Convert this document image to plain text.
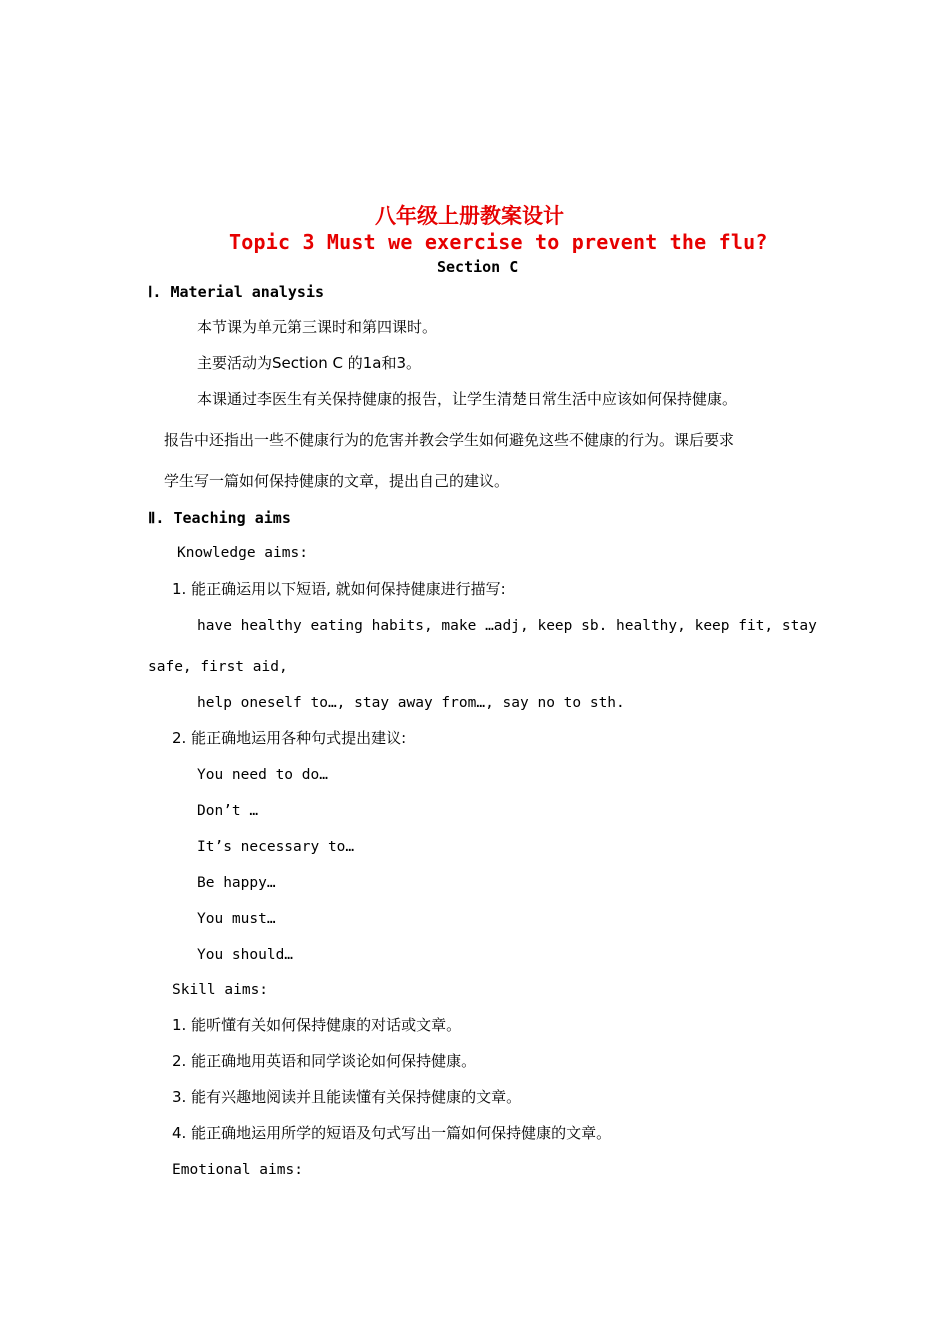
八年级上册教案设计
Topic 3 Must we exercise to prevent the flu?
Section C
Ⅰ. Material analysis
本节课为单元第三课时和第四课时。
主要活动为Section C 的1a和3。
本课通过李医生有关保持健康的报告，让学生清楚日常生活中应该如何保持健康。
报告中还指出一些不健康行为的危害并教会学生如何避免这些不健康的行为。课后要求
学生写一篇如何保持健康的文章，提出自己的建议。
Ⅱ. Teaching aims
Knowledge aims:
1. 能正确运用以下短语, 就如何保持健康进行描写:
have healthy eating habits, make …adj, keep sb. healthy, keep fit, stay
safe, first aid,
help oneself to…, stay away from…, say no to sth.
2. 能正确地运用各种句式提出建议:
You need to do…
Don’t …
It’s necessary to…
Be happy…
You must…
You should…
Skill aims:
1. 能听懂有关如何保持健康的对话或文章。
2. 能正确地用英语和同学谈论如何保持健康。
3. 能有兴趣地阅读并且能读懂有关保持健康的文章。
4. 能正确地运用所学的短语及句式写出一篇如何保持健康的文章。
Emotional aims:
